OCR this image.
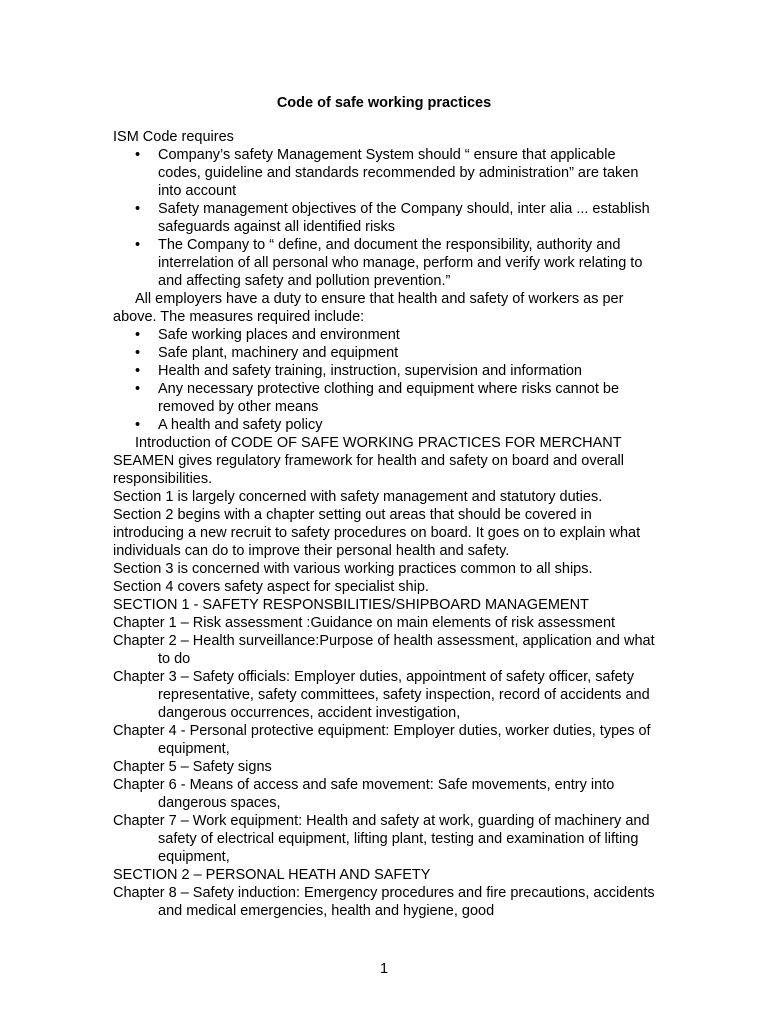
Code of safe working practices

ISM Code requires

• Company’s safety Management System should “ ensure that applicable codes, guideline and standards recommended by administration” are taken into account
• Safety management objectives of the Company should, inter alia ... establish safeguards against all identified risks
• The Company to “ define, and document the responsibility, authority and interrelation of all personal who manage, perform and verify work relating to and affecting safety and pollution prevention.”

All employers have a duty to ensure that health and safety of workers as per above. The measures required include:

• Safe working places and environment
• Safe plant, machinery and equipment
• Health and safety training, instruction, supervision and information
• Any necessary protective clothing and equipment where risks cannot be removed by other means
• A health and safety policy

Introduction of CODE OF SAFE WORKING PRACTICES FOR MERCHANT SEAMEN gives regulatory framework for health and safety on board and overall responsibilities.

Section 1 is largely concerned with safety management and statutory duties.

Section 2 begins with a chapter setting out areas that should be covered in introducing a new recruit to safety procedures on board. It goes on to explain what individuals can do to improve their personal health and safety.

Section 3 is concerned with various working practices common to all ships.

Section 4 covers safety aspect for specialist ship.

SECTION 1 - SAFETY RESPONSBILITIES/SHIPBOARD MANAGEMENT

Chapter 1 – Risk assessment :Guidance on main elements of risk assessment

Chapter 2 – Health surveillance:Purpose of health assessment, application and what to do

Chapter 3 – Safety officials: Employer duties, appointment of safety officer, safety representative, safety committees, safety inspection, record of accidents and dangerous occurrences, accident investigation,

Chapter 4 - Personal protective equipment: Employer duties, worker duties, types of equipment,

Chapter 5 – Safety signs

Chapter 6 - Means of access and safe movement: Safe movements, entry into dangerous spaces,

Chapter 7 – Work equipment: Health and safety at work, guarding of machinery and safety of electrical equipment, lifting plant, testing and examination of lifting equipment,

SECTION 2 – PERSONAL HEATH AND SAFETY

Chapter 8 – Safety induction: Emergency procedures and fire precautions, accidents and medical emergencies, health and hygiene, good

1
